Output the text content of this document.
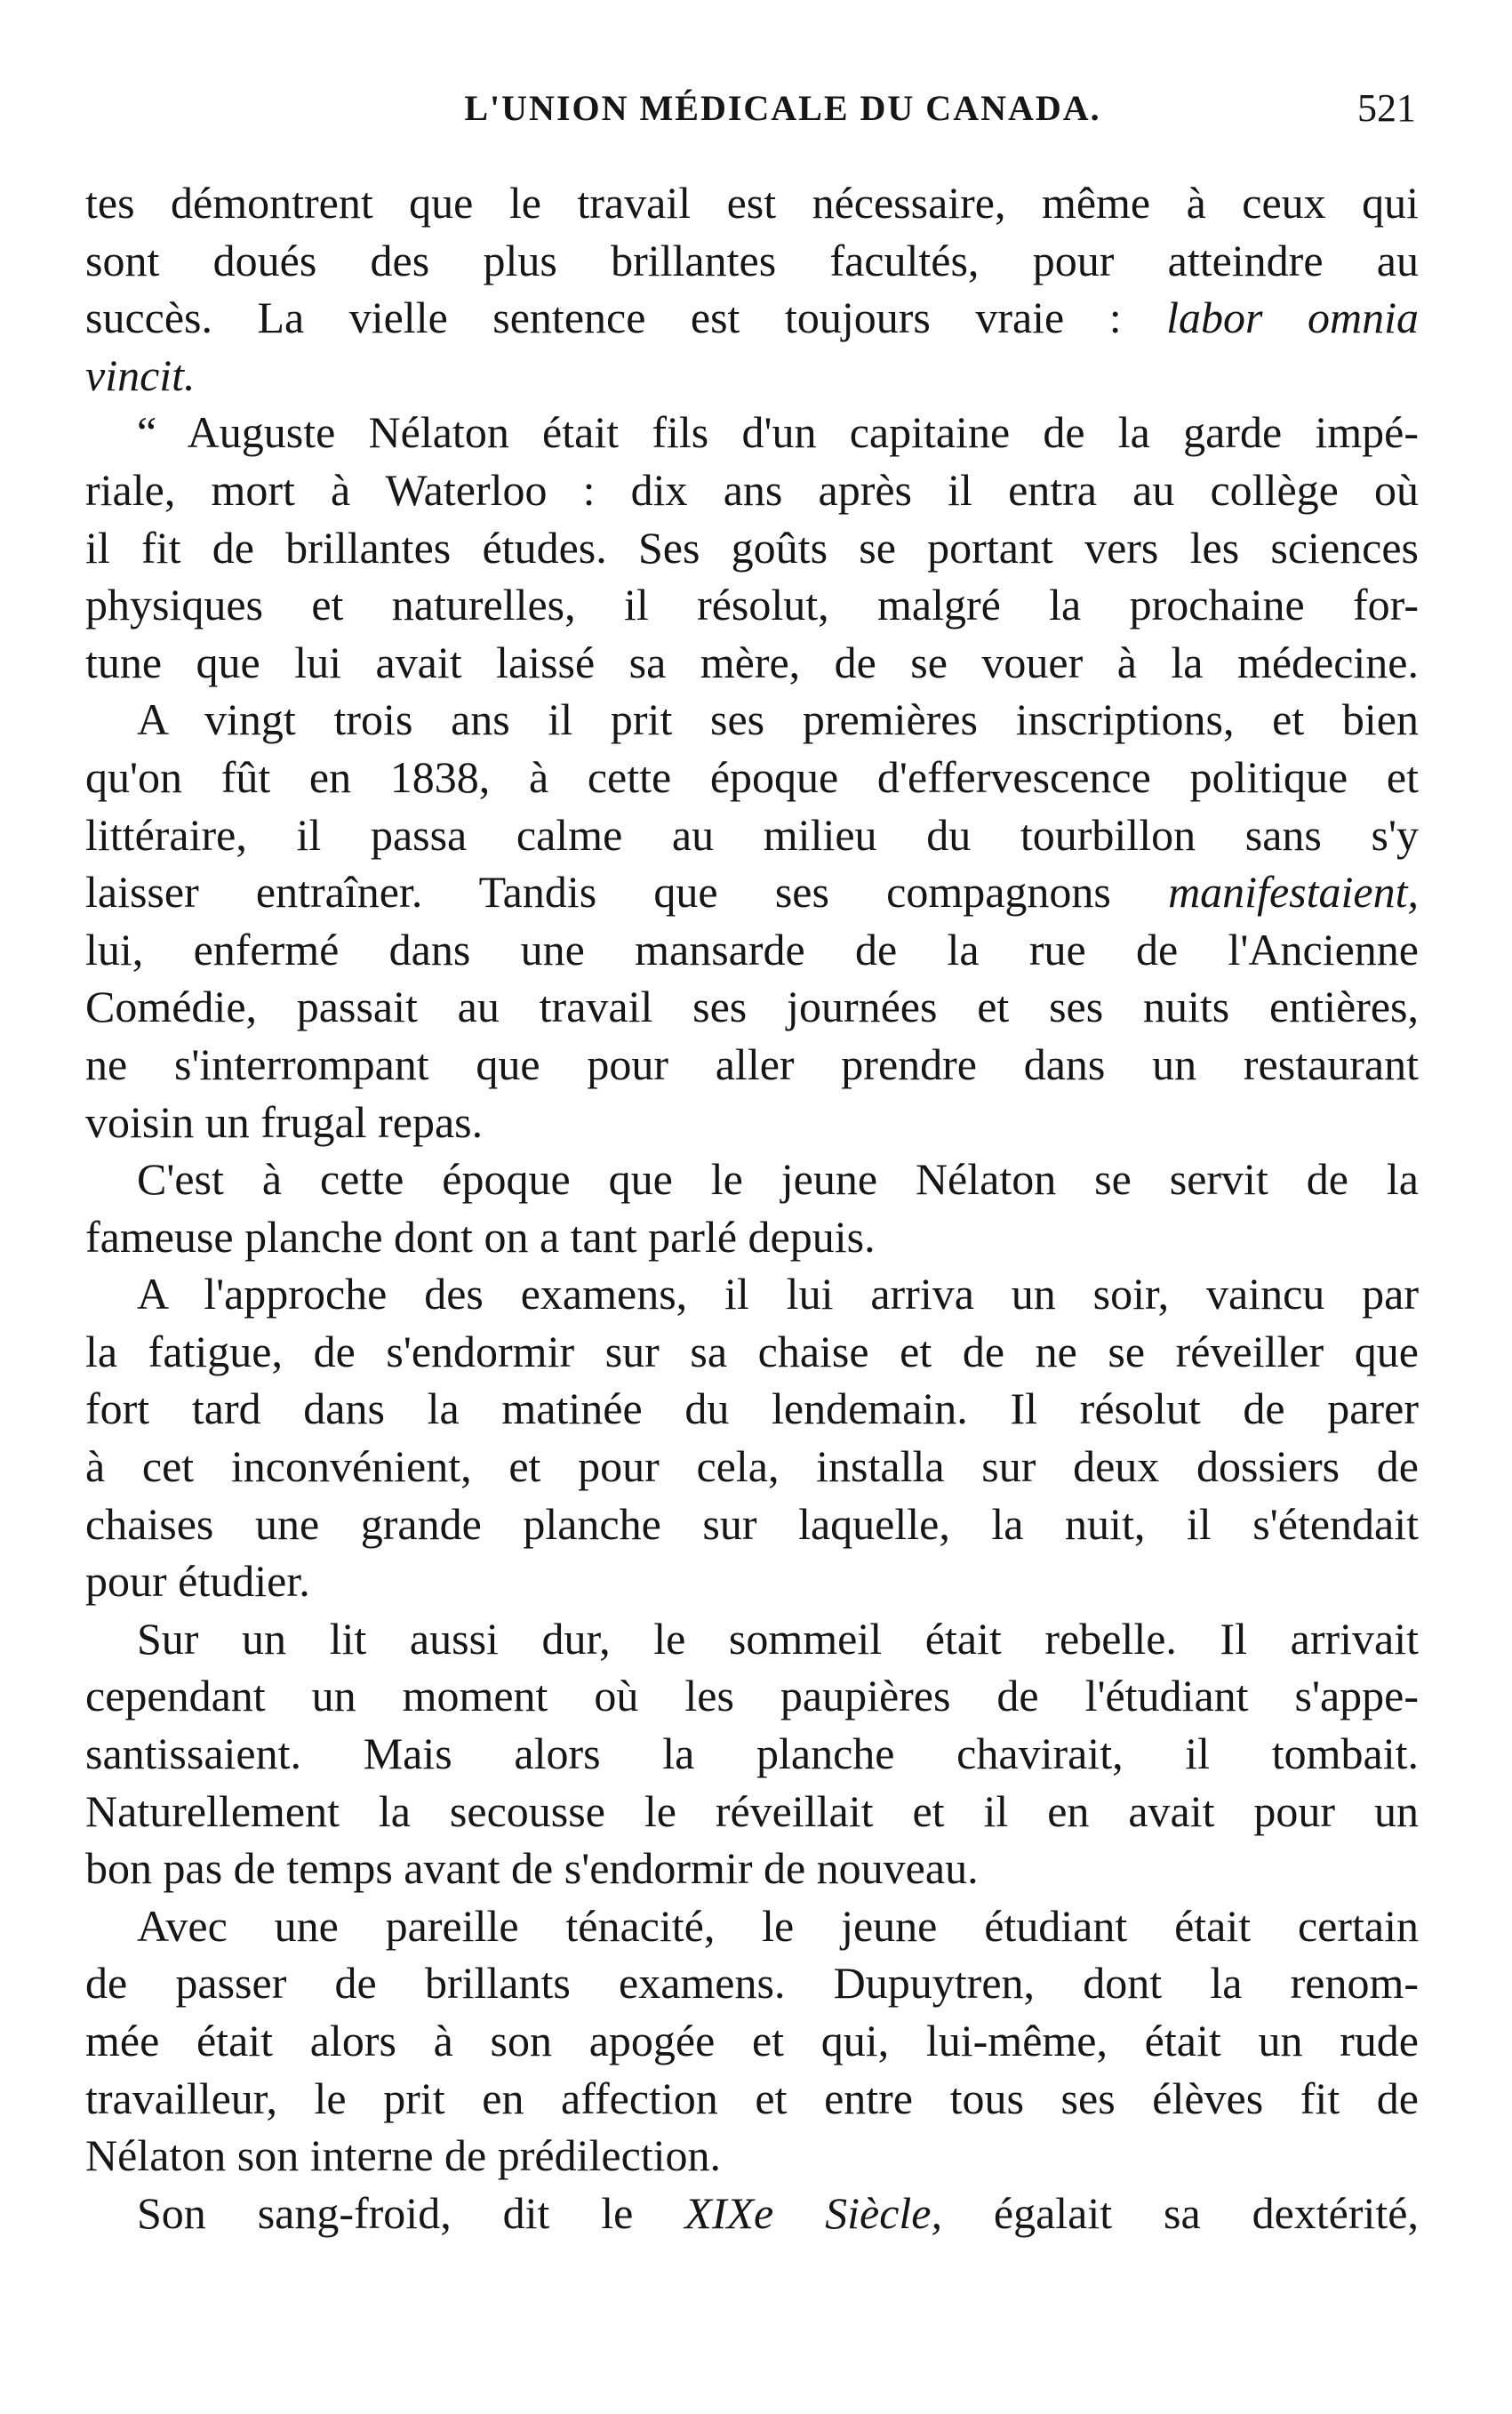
L'UNION MÉDICALE DU CANADA.	521

tes démontrent que le travail est nécessaire, même à ceux qui
sont doués des plus brillantes facultés, pour atteindre au
succès. La vielle sentence est toujours vraie : labor omnia
vincit.

“ Auguste Nélaton était fils d'un capitaine de la garde impé-
riale, mort à Waterloo : dix ans après il entra au collège où
il fit de brillantes études. Ses goûts se portant vers les sciences
physiques et naturelles, il résolut, malgré la prochaine for-
tune que lui avait laissé sa mère, de se vouer à la médecine.

A vingt trois ans il prit ses premières inscriptions, et bien
qu'on fût en 1838, à cette époque d'effervescence politique et
littéraire, il passa calme au milieu du tourbillon sans s'y
laisser entraîner. Tandis que ses compagnons manifestaient,
lui, enfermé dans une mansarde de la rue de l'Ancienne
Comédie, passait au travail ses journées et ses nuits entières,
ne s'interrompant que pour aller prendre dans un restaurant
voisin un frugal repas.

C'est à cette époque que le jeune Nélaton se servit de la
fameuse planche dont on a tant parlé depuis.

A l'approche des examens, il lui arriva un soir, vaincu par
la fatigue, de s'endormir sur sa chaise et de ne se réveiller que
fort tard dans la matinée du lendemain. Il résolut de parer
à cet inconvénient, et pour cela, installa sur deux dossiers de
chaises une grande planche sur laquelle, la nuit, il s'étendait
pour étudier.

Sur un lit aussi dur, le sommeil était rebelle. Il arrivait
cependant un moment où les paupières de l'étudiant s'appe-
santissaient. Mais alors la planche chavirait, il tombait.
Naturellement la secousse le réveillait et il en avait pour un
bon pas de temps avant de s'endormir de nouveau.

Avec une pareille ténacité, le jeune étudiant était certain
de passer de brillants examens. Dupuytren, dont la renom-
mée était alors à son apogée et qui, lui-même, était un rude
travailleur, le prit en affection et entre tous ses élèves fit de
Nélaton son interne de prédilection.

Son sang-froid, dit le XIXe Siècle, égalait sa dextérité,
